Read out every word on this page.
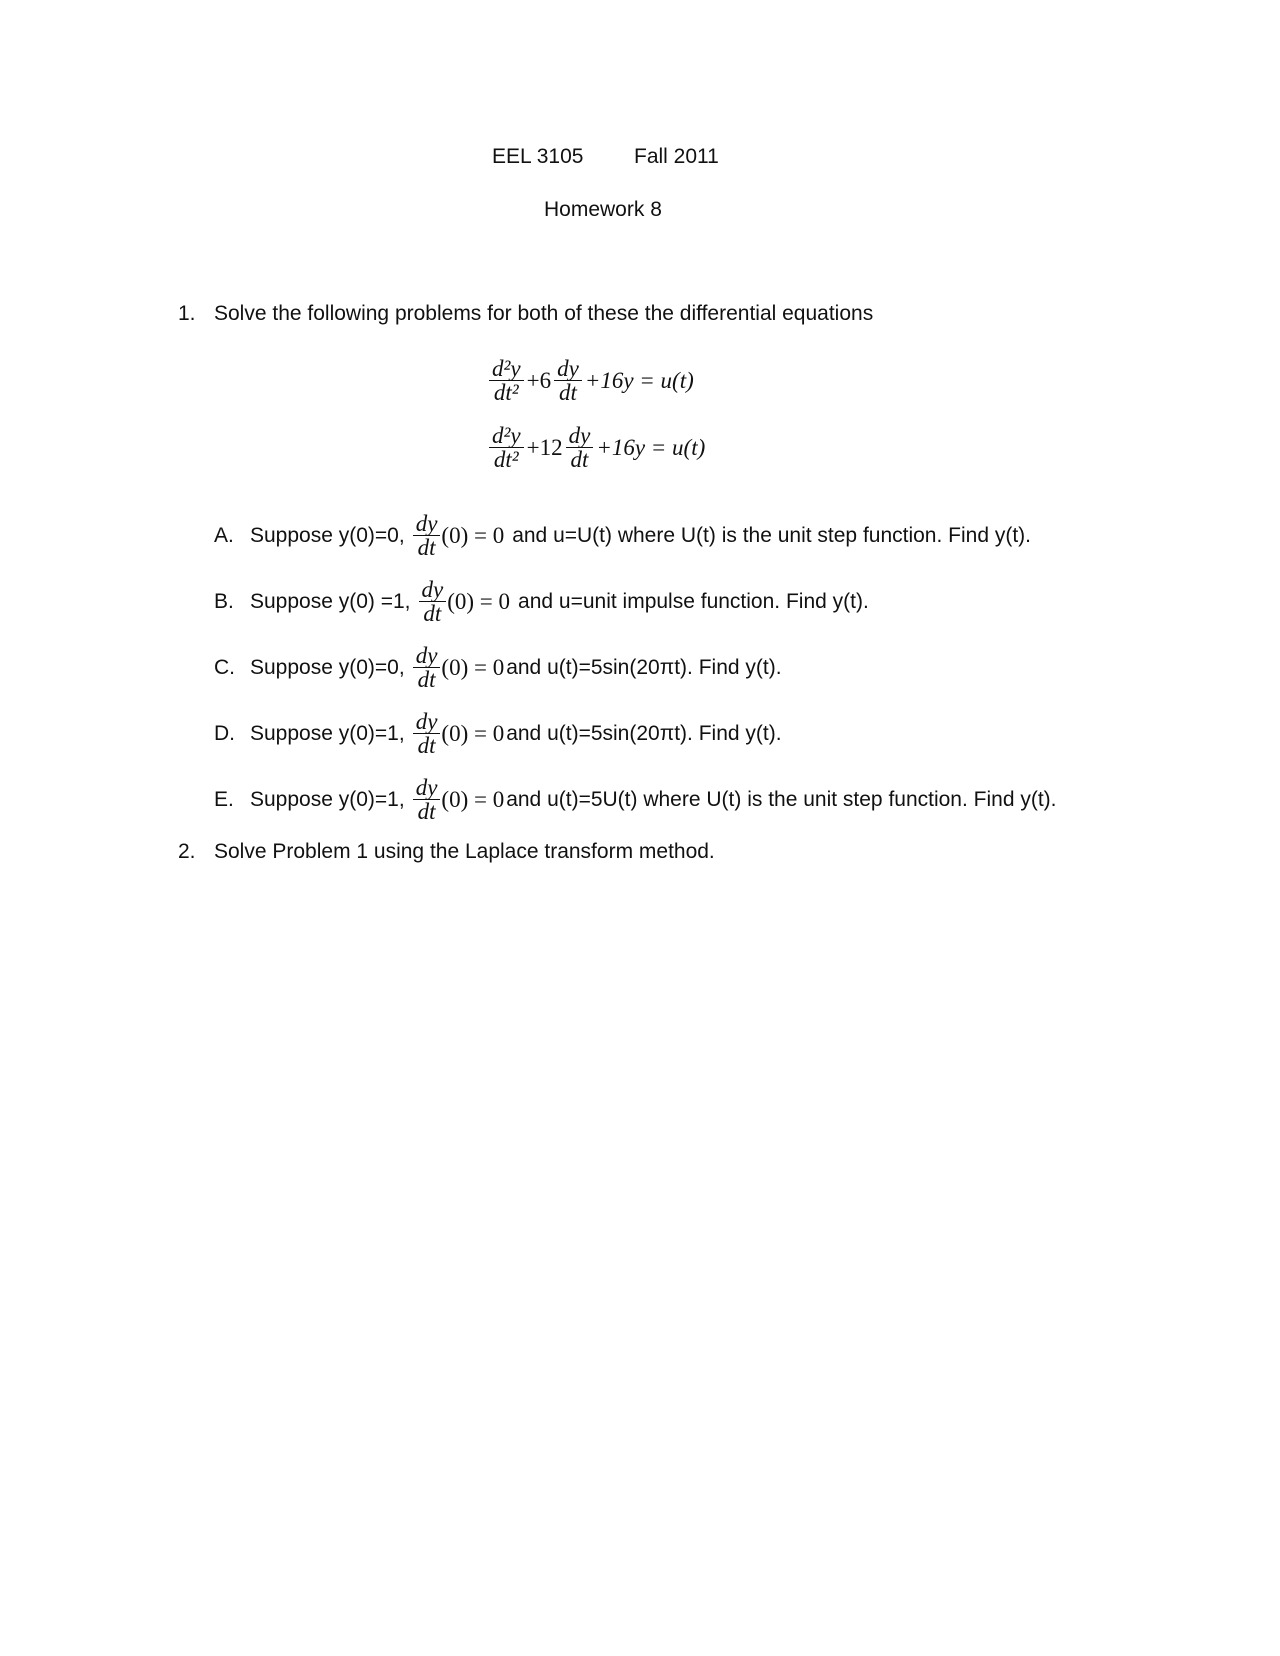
EEL 3105 Fall 2011
Homework 8
1. Solve the following problems for both of these the differential equations
$\frac{\text{d²y}}{\text{dt²}} +6 \frac{dy}{dt} +16y = u(t)$
$\frac{\text{d²y}}{\text{dt²}} +12 \frac{dy}{dt} +16y = u(t)$
A. Suppose y(0)=0, $\frac{dy}{dt} (0) = 0$ and u=U(t) where U(t) is the unit step function. Find y(t).
B. Suppose y(0) =1, $\frac{dy}{dt} (0) = 0$ and u=unit impulse function. Find y(t).
C. Suppose y(0)=0, $\frac{dy}{dt} (0) = 0$ and u(t)=5sin(20πt). Find y(t).
D. Suppose y(0)=1, $\frac{dy}{dt} (0) = 0$ and u(t)=5sin(20πt). Find y(t).
E. Suppose y(0)=1, $\frac{dy}{dt} (0) = 0$ and u(t)=5U(t) where U(t) is the unit step function. Find y(t).
2. Solve Problem 1 using the Laplace transform method.
